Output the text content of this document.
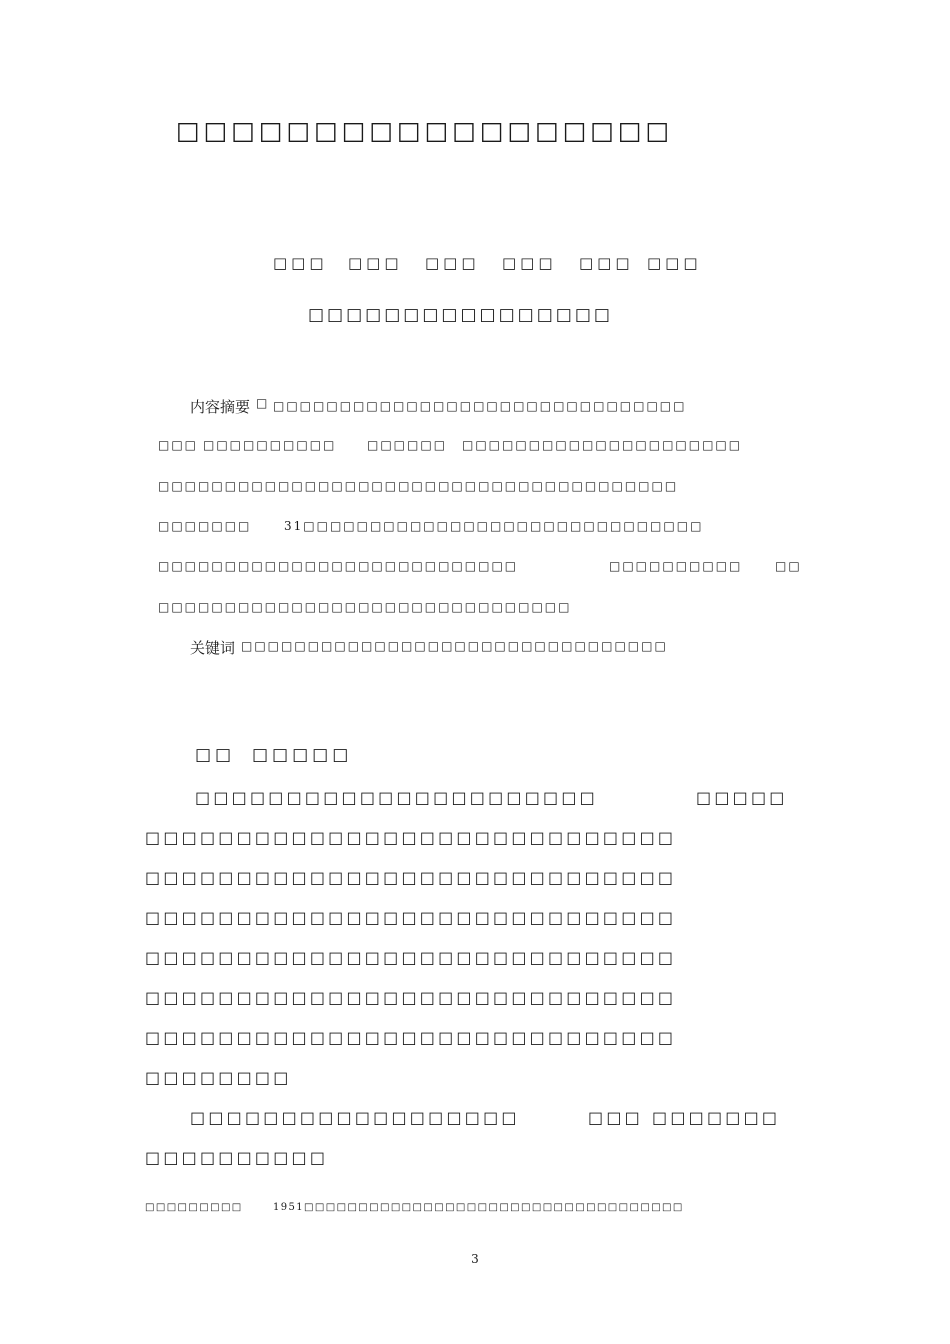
□□□□□□□□□□□□□□□□□□
□□□ □□□ □□□ □□□ □□□ □□□
□□□□□□□□□□□□□□□□
内容摘要 □ □□□□□□□□□□□□□□□□□□□□□□□□□□□□□□□
□□□ □□□□□□□□□□	□□□□□□ □□□□□□□□□□□□□□□□□□□□□
□□□□□□□□□□□□□□□□□□□□□□□□□□□□□□□□□□□□□□□
□□□□□□□	31□□□□□□□□□□□□□□□□□□□□□□□□□□□□□□
□□□□□□□□□□□□□□□□□□□□□□□□□□□	□□□□□□□□□□	□□
□□□□□□□□□□□□□□□□□□□□□□□□□□□□□□□
关键词 □□□□□□□□□□□□□□□□□□□□□□□□□□□□□□□□
□□ □□□□□
□□□□□□□□□□□□□□□□□□□□□□	□□□□□
□□□□□□□□□□□□□□□□□□□□□□□□□□□□□
□□□□□□□□□□□□□□□□□□□□□□□□□□□□□
□□□□□□□□□□□□□□□□□□□□□□□□□□□□□
□□□□□□□□□□□□□□□□□□□□□□□□□□□□□
□□□□□□□□□□□□□□□□□□□□□□□□□□□□□
□□□□□□□□□□□□□□□□□□□□□□□□□□□□□
□□□□□□□□
□□□□□□□□□□□□□□□□□□	□□□ □□□□□□□
□□□□□□□□□□
□□□□□□□□□	1951□□□□□□□□□□□□□□□□□□□□□□□□□□□□□□□□□□□
3
